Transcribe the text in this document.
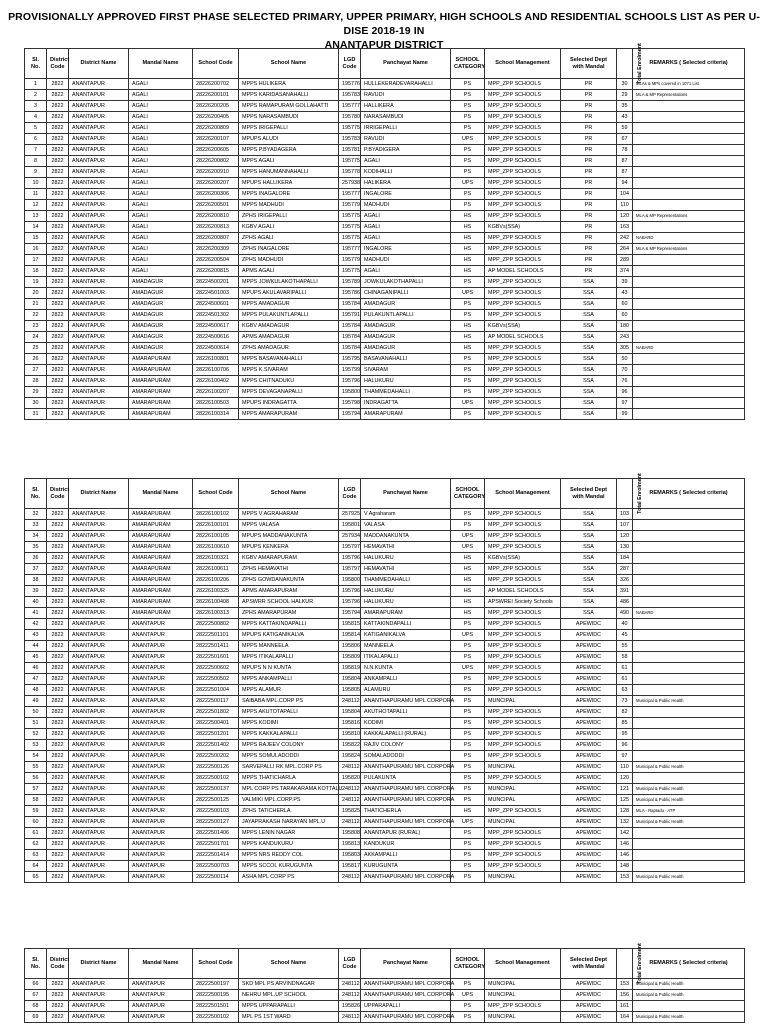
PROVISIONALLY APPROVED FIRST PHASE SELECTED PRIMARY, UPPER PRIMARY, HIGH SCHOOLS AND RESIDENTIAL SCHOOLS LIST AS PER U-DISE 2018-19 IN
ANANTAPUR DISTRICT
Sl. No.	District Code	District Name	Mandal Name	School Code	School Name	LGD Code	Panchayat Name	SCHOOL CATEGORY	School Management	Selected Dept with Mandal	Total Enrolment	REMARKS ( Selected criteria)
1	2822	ANANTAPUR	AGALI	28226200702	MPPS HULIKERA	195776	HULLEKERADEVARAHALLI	PS	MPP_ZPP SCHOOLS	PR	30	MLAs & MPs covered in 1071 List
2	2822	ANANTAPUR	AGALI	28226200101	MPPS KARIDASANAHALLI	195783	RAVUDI	PS	MPP_ZPP SCHOOLS	PR	29	MLA & MP Representations
3	2822	ANANTAPUR	AGALI	28226200205	MPPS RAMAPURAM GOLLAHATTI	195777	HALLIKERA	PS	MPP_ZPP SCHOOLS	PR	35	
4	2822	ANANTAPUR	AGALI	28226200405	MPPS NARASAMBUDI	195780	NARASAMBUDI	PS	MPP_ZPP SCHOOLS	PR	43	
5	2822	ANANTAPUR	AGALI	28226200809	MPPS IRIGEPALLI	195775	IRRIGEPALLI	PS	MPP_ZPP SCHOOLS	PR	59	
6	2822	ANANTAPUR	AGALI	28226200107	MPUPS ALUDI	195783	RAVUDI	UPS	MPP_ZPP SCHOOLS	PR	67	
7	2822	ANANTAPUR	AGALI	28226200605	MPPS P.BYADAGERA	195781	P.BYADIGERA	PS	MPP_ZPP SCHOOLS	PR	78	
8	2822	ANANTAPUR	AGALI	28226200802	MPPS AGALI	195775	AGALI	PS	MPP_ZPP SCHOOLS	PR	87	
9	2822	ANANTAPUR	AGALI	28226200910	MPPS HANUMANNAHALLI	195778	KODIHALLI	PS	MPP_ZPP SCHOOLS	PR	87	
10	2822	ANANTAPUR	AGALI	28226200207	MPUPS HALLIKERA	257938	HALIKERA	UPS	MPP_ZPP SCHOOLS	PR	94	
11	2822	ANANTAPUR	AGALI	28226200306	MPPS INAGALORE	195777	INGALORE	PS	MPP_ZPP SCHOOLS	PR	104	
12	2822	ANANTAPUR	AGALI	28226200501	MPPS MADHUDI	195779	MADHUDI	PS	MPP_ZPP SCHOOLS	PR	110	
13	2822	ANANTAPUR	AGALI	28226200810	ZPHS IRIGEPALLI	195775	AGALI	HS	MPP_ZPP SCHOOLS	PR	120	MLA & MP Representations
14	2822	ANANTAPUR	AGALI	28226200813	KGBV AGALI	195775	AGALI	HS	KGBVs(SSA)	PR	163	
15	2822	ANANTAPUR	AGALI	28226200807	ZPHS AGALI	195775	AGALI	HS	MPP_ZPP SCHOOLS	PR	242	NABARD
16	2822	ANANTAPUR	AGALI	28226200309	ZPHS INAGALORE	195777	INGALORE	HS	MPP_ZPP SCHOOLS	PR	264	MLA & MP Representations
17	2822	ANANTAPUR	AGALI	28226200504	ZPHS MADHUDI	195779	MADHUDI	HS	MPP_ZPP SCHOOLS	PR	289	
18	2822	ANANTAPUR	AGALI	28226200815	APMS AGALI	195775	AGALI	HS	AP MODEL SCHOOLS	PR	374	
19	2822	ANANTAPUR	AMADAGUR	28224500201	MPPS JOWKULAKOTHAPALLI	195789	JOWKULAKOTHAPALLI	PS	MPP_ZPP SCHOOLS	SSA	39	
20	2822	ANANTAPUR	AMADAGUR	28224501003	MPUPS AKULAVARIPALLI	195786	CHINAGANIPALLI	UPS	MPP_ZPP SCHOOLS	SSA	43	
21	2822	ANANTAPUR	AMADAGUR	28224500601	MPPS AMADAGUR	195784	AMADAGUR	PS	MPP_ZPP SCHOOLS	SSA	60	
22	2822	ANANTAPUR	AMADAGUR	28224501302	MPPS PULAKUNTLAPALLI	195791	PULAKUNTLAPALLI	PS	MPP_ZPP SCHOOLS	SSA	60	
23	2822	ANANTAPUR	AMADAGUR	28224500617	KGBV AMADAGUR	195784	AMADAGUR	HS	KGBVs(SSA)	SSA	180	
24	2822	ANANTAPUR	AMADAGUR	28224500616	APMS AMADAGUR	195784	AMADAGUR	HS	AP MODEL SCHOOLS	SSA	243	
25	2822	ANANTAPUR	AMADAGUR	28224500614	ZPHS AMADAGUR	195784	AMADAGUR	HS	MPP_ZPP SCHOOLS	SSA	305	NABARD
26	2822	ANANTAPUR	AMARAPURAM	28226100801	MPPS BASAVANAHALLI	195795	BASAVANAHALLI	PS	MPP_ZPP SCHOOLS	SSA	50	
27	2822	ANANTAPUR	AMARAPURAM	28226100706	MPPS K.SIVARAM	195799	SIVARAM	PS	MPP_ZPP SCHOOLS	SSA	70	
28	2822	ANANTAPUR	AMARAPURAM	28226100402	MPPS CHITNADUKU	195796	HALUKURU	PS	MPP_ZPP SCHOOLS	SSA	76	
29	2822	ANANTAPUR	AMARAPURAM	28226100207	MPPS DEVAGANAPALLI	195800	THAMMEDAHALLI	PS	MPP_ZPP SCHOOLS	SSA	96	
30	2822	ANANTAPUR	AMARAPURAM	28226100503	MPUPS INDRAGATTA	195798	INDRAGATTA	UPS	MPP_ZPP SCHOOLS	SSA	97	
31	2822	ANANTAPUR	AMARAPURAM	28226100314	MPPS AMARAPURAM	195794	AMARAPURAM	PS	MPP_ZPP SCHOOLS	SSA	99	
Sl. No.	District Code	District Name	Mandal Name	School Code	School Name	LGD Code	Panchayat Name	SCHOOL CATEGORY	School Management	Selected Dept with Mandal	Total Enrolment	REMARKS ( Selected criteria)
32	2822	ANANTAPUR	AMARAPURAM	28226100102	MPPS V AGRAHARAM	257925	V Agraharam	PS	MPP_ZPP SCHOOLS	SSA	103	
33	2822	ANANTAPUR	AMARAPURAM	28226100101	MPPS VALASA	195801	VALASA	PS	MPP_ZPP SCHOOLS	SSA	107	
34	2822	ANANTAPUR	AMARAPURAM	28226100105	MPUPS MADDANAKUNTA	257934	MADDANAKUNTA	UPS	MPP_ZPP SCHOOLS	SSA	120	
35	2822	ANANTAPUR	AMARAPURAM	28226100610	MPUPS KENKERA	195797	HEMAVATHI	UPS	MPP_ZPP SCHOOLS	SSA	130	
36	2822	ANANTAPUR	AMARAPURAM	28226100321	KGBV AMARAPURAM	195796	HALUKURU	HS	KGBVs(SSA)	SSA	184	
37	2822	ANANTAPUR	AMARAPURAM	28226100611	ZPHS HEMAVATHI	195797	HEMAVATHI	HS	MPP_ZPP SCHOOLS	SSA	287	
38	2822	ANANTAPUR	AMARAPURAM	28226100206	ZPHS GOWDANAKUNTA	195800	THAMMEDAHALLI	HS	MPP_ZPP SCHOOLS	SSA	326	
39	2822	ANANTAPUR	AMARAPURAM	28226100325	APMS AMARAPURAM	195796	HALUKURU	HS	AP MODEL SCHOOLS	SSA	391	
40	2822	ANANTAPUR	AMARAPURAM	28226100408	APSWRR SCHOOL HALKUR	195796	HALUKURU	HS	APSWREI Society Schools	SSA	486	
41	2822	ANANTAPUR	AMARAPURAM	28226100313	ZPHS AMARAPURAM	195794	AMARAPURAM	HS	MPP_ZPP SCHOOLS	SSA	490	NABARD
42	2822	ANANTAPUR	ANANTAPUR	28222500802	MPPS KATTAKINDAPALLI	195815	KATTAKINDAPALLI	PS	MPP_ZPP SCHOOLS	APEWIDC	40	
43	2822	ANANTAPUR	ANANTAPUR	28222501101	MPUPS KATIGANIKALVA	195814	KATIGANIKALVA	UPS	MPP_ZPP SCHOOLS	APEWIDC	45	
44	2822	ANANTAPUR	ANANTAPUR	28222501411	MPPS MANNEELA	195806	MANNEELA	PS	MPP_ZPP SCHOOLS	APEWIDC	55	
45	2822	ANANTAPUR	ANANTAPUR	28222501601	MPPS ITIKALAPALLI	195809	ITIKALAPALLI	PS	MPP_ZPP SCHOOLS	APEWIDC	58	
46	2822	ANANTAPUR	ANANTAPUR	28222500602	MPUPS N N KUNTA	195819	N.N.KUNTA	UPS	MPP_ZPP SCHOOLS	APEWIDC	61	
47	2822	ANANTAPUR	ANANTAPUR	28222500502	MPPS ANKAMPALLI	195804	ANKAMPALLI	PS	MPP_ZPP SCHOOLS	APEWIDC	61	
48	2822	ANANTAPUR	ANANTAPUR	28222501004	MPPS ALAMUR	195805	ALAMURU	PS	MPP_ZPP SCHOOLS	APEWIDC	63	
49	2822	ANANTAPUR	ANANTAPUR	28222500117	SAIBABA MPL.CORP PS	248112	ANANTHAPURAMU MPL CORPORA	PS	MUNCIPAL	APEWIDC	73	Municipal & Public Health
50	2822	ANANTAPUR	ANANTAPUR	28222501802	MPPS AKUTOTAPALLI	195804	AKUTHOTAPALLI	PS	MPP_ZPP SCHOOLS	APEWIDC	82	
51	2822	ANANTAPUR	ANANTAPUR	28222500401	MPPS KODIMI	195816	KODIMI	PS	MPP_ZPP SCHOOLS	APEWIDC	85	
52	2822	ANANTAPUR	ANANTAPUR	28222501201	MPPS KAKKALAPALLI	195810	KAKKALAPALLI (RURAL)	PS	MPP_ZPP SCHOOLS	APEWIDC	95	
53	2822	ANANTAPUR	ANANTAPUR	28222501402	MPPS RAJEEV COLONY	195822	RAJIV COLONY	PS	MPP_ZPP SCHOOLS	APEWIDC	96	
54	2822	ANANTAPUR	ANANTAPUR	28222500202	MPPS SOMULADODDI	195824	SOMALADODDI	PS	MPP_ZPP SCHOOLS	APEWIDC	97	
55	2822	ANANTAPUR	ANANTAPUR	28222500126	SARVEPALLI RK MPL.CORP PS	248112	ANANTHAPURAMU MPL CORPORA	PS	MUNCIPAL	APEWIDC	110	Municipal & Public Health
56	2822	ANANTAPUR	ANANTAPUR	28222500102	MPPS THATICHARLA	195820	PULAKUNTA	PS	MPP_ZPP SCHOOLS	APEWIDC	120	
57	2822	ANANTAPUR	ANANTAPUR	28222500137	MPL CORP PS TARAKARAMA KOTTALU	248112	ANANTHAPURAMU MPL CORPORA	PS	MUNCIPAL	APEWIDC	121	Municipal & Public Health
58	2822	ANANTAPUR	ANANTAPUR	28222500125	VALMIKI MPL.CORP.PS	248112	ANANTHAPURAMU MPL CORPORA	PS	MUNCIPAL	APEWIDC	125	Municipal & Public Health
59	2822	ANANTAPUR	ANANTAPUR	28222500103	ZPHS TATICHERLA	195825	THATICHERLA	HS	MPP_ZPP SCHOOLS	APEWIDC	128	MLA - Raptadu - ATP
60	2822	ANANTAPUR	ANANTAPUR	28222500127	JAYAPRAKASH NARAYAN MPL.U	248112	ANANTHAPURAMU MPL CORPORA	UPS	MUNCIPAL	APEWIDC	132	Municipal & Public Health
61	2822	ANANTAPUR	ANANTAPUR	28222501406	MPPS LENIN NAGAR	195808	ANANTAPUR (RURAL)	PS	MPP_ZPP SCHOOLS	APEWIDC	142	
62	2822	ANANTAPUR	ANANTAPUR	28222501701	MPPS KANDUKURU	195813	KANDUKUR	PS	MPP_ZPP SCHOOLS	APEWIDC	146	
63	2822	ANANTAPUR	ANANTAPUR	28222501414	MPPS NRS REDDY COL	195803	AKKAMPALLI	PS	MPP_ZPP SCHOOLS	APEWIDC	146	
64	2822	ANANTAPUR	ANANTAPUR	28222500703	MPPS SCCOL KURUGUNTA	195817	KURUGUNTA	PS	MPP_ZPP SCHOOLS	APEWIDC	148	
65	2822	ANANTAPUR	ANANTAPUR	28222500114	ASHA MPL CORP PS	248112	ANANTHAPURAMU MPL CORPORA	PS	MUNCIPAL	APEWIDC	153	Municipal & Public Health
Sl. No.	District Code	District Name	Mandal Name	School Code	School Name	LGD Code	Panchayat Name	SCHOOL CATEGORY	School Management	Selected Dept with Mandal	Total Enrolment	REMARKS ( Selected criteria)
66	2822	ANANTAPUR	ANANTAPUR	28222500197	SKD MPL PS ARVINDNAGAR	248112	ANANTHAPURAMU MPL CORPORA	PS	MUNCIPAL	APEWIDC	153	Municipal & Public Health
67	2822	ANANTAPUR	ANANTAPUR	28222500195	NEHRU MPL.UP SCHOOL	248112	ANANTHAPURAMU MPL CORPORA	UPS	MUNCIPAL	APEWIDC	156	Municipal & Public Health
68	2822	ANANTAPUR	ANANTAPUR	28222501501	MPPS UPPARAPALLI	195826	UPPARAPALLI	PS	MPP_ZPP SCHOOLS	APEWIDC	161	
69	2822	ANANTAPUR	ANANTAPUR	28222500102	MPL PS 1ST WARD	248112	ANANTHAPURAMU MPL CORPORA	PS	MUNCIPAL	APEWIDC	164	Municipal & Public Health
